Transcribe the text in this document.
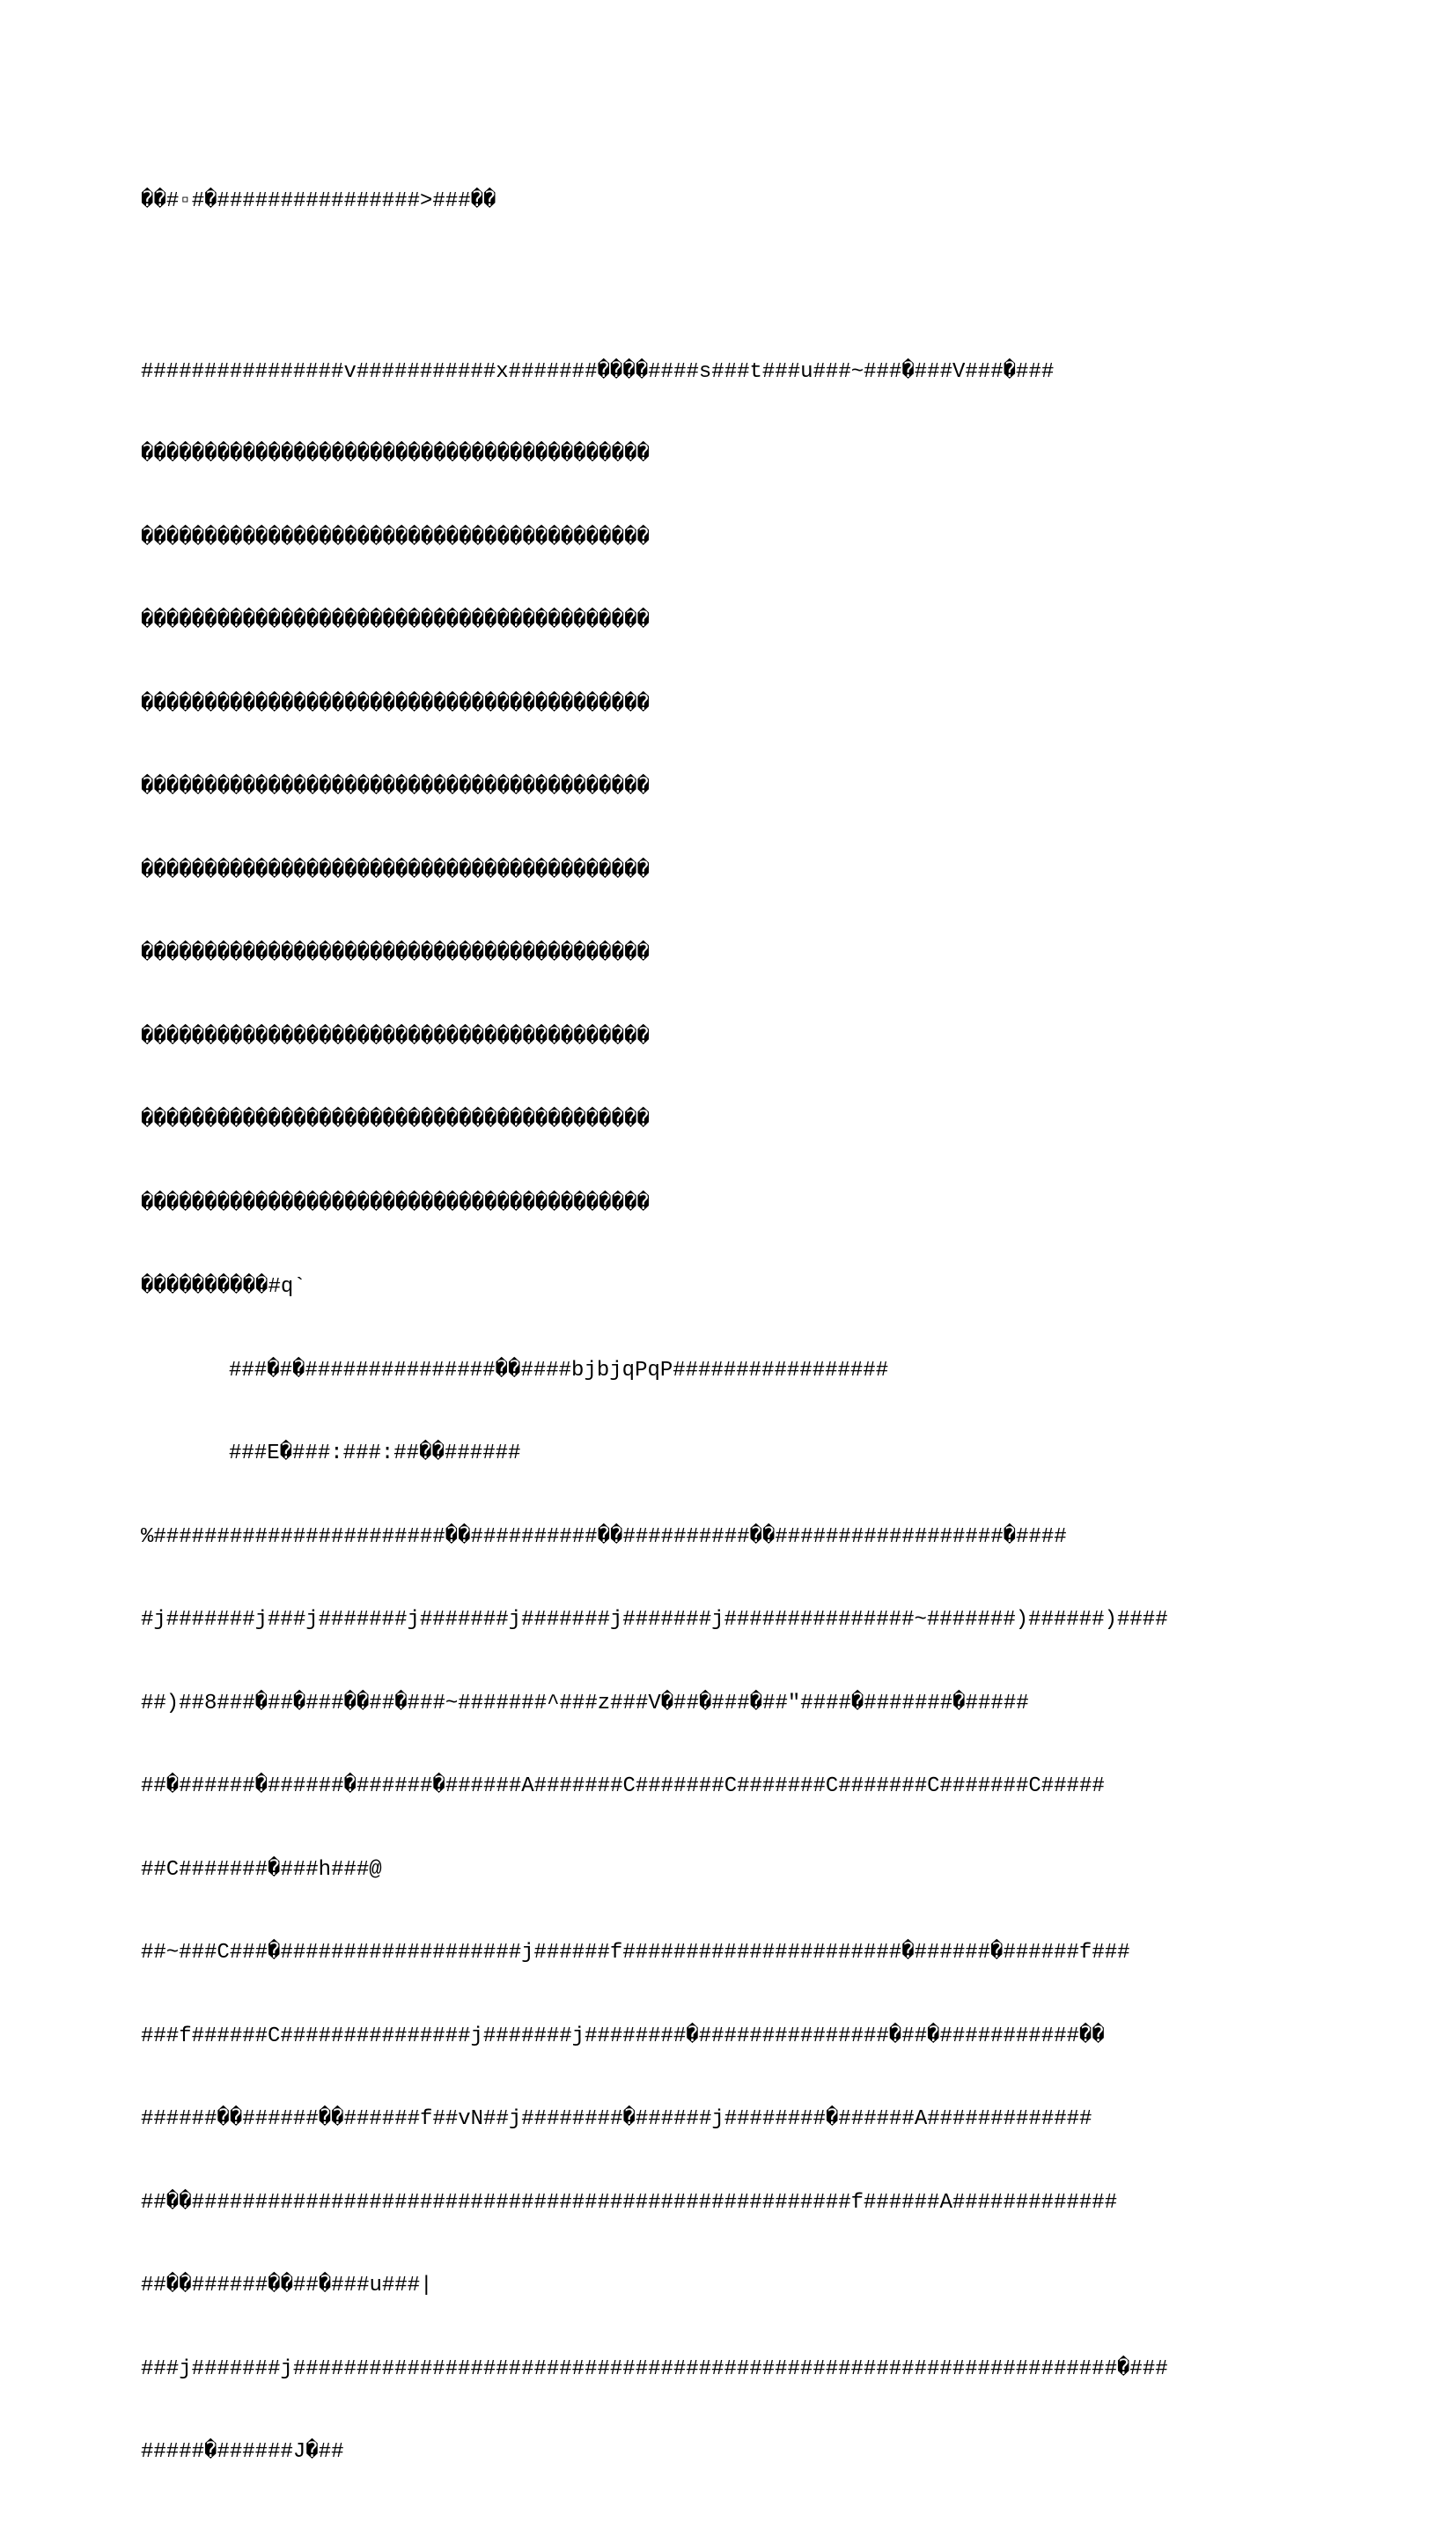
��#▫#�################>###��

################v###########x#######����####s###t###u###~###�###V###�###

����������������������������������������

����������������������������������������

����������������������������������������

����������������������������������������

����������������������������������������

����������������������������������������

����������������������������������������

����������������������������������������

����������������������������������������

����������������������������������������

����������#q`

###�#�###############��####bjbjqPqP#################

###E�###:###:##��######

%#######################��##########��##########��##################�####

#j#######j###j#######j#######j#######j#######j###############~#######)######)####

##)##8###�##�###��##�###~#######^###z###V�##�###�##"####�#######�#####

##�######�######�######�######A#######C#######C#######C#######C#######C#####

##C#######�###h###@

##~###C###�###################j######f######################�######�######f###

###f######C###############j#######j########�###############�##�###########��

######��######��######f##vN##j########�######j########�######A#############

##��####################################################f######A#############

##��######��##�###u###|

###j#######j#################################################################�###

#####�######J�##
